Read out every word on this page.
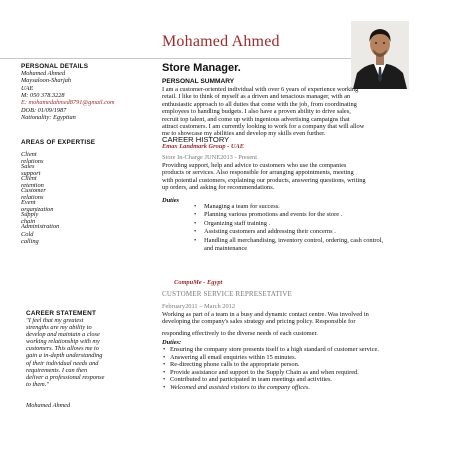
Mohamed Ahmed
PERSONAL DETAILS
Mohamed Ahmed
Maysaloon-Sharjah
UAE
M: 050 378.3228
E: mohamedahmed8791@gmail.com
DOB: 01/09/1987
Nationality: Egyptian
AREAS OF EXPERTISE
Client relations
Sales support
Client retention
Customer relations
Event organization
Supply chain
Administration
Cold calling
CAREER STATEMENT
"I feel that my greatest
strengths are my ability to
develop and maintain a close
working relationship with my
customers. This allows me to
gain a in-depth understanding
of their individual needs and
requirements. I can then
deliver a professional response
to them."
Mohamed Ahmed
Store Manager.
PERSONAL SUMMARY
I am a customer-oriented individual with over 6 years of experience working
retail. I like to think of myself as a driven and tenacious manager, with an
enthusiastic approach to all duties that come with the job, from coordinating
employees to handling budgets. I also have a proven ability to drive sales,
recruit top talent, and come up with ingenious advertising campaigns that
attract customers. I am currently looking to work for a company that will allow
me to showcase my abilities and develop my skills even further.
CAREER HISTORY
Emax Landmark Group - UAE
Store In-Charge JUNE2013 - Present
Providing support, help and advice to customers who use the companies
products or services. Also responsible for arranging appointments, meeting
with potential customers, explaining our products, answering questions, writing
up orders, and asking for recommendations.
Duties
• Managing a team for success.
• Planning various promotions and events for the store .
• Organizing staff training .
• Assisting customers and addressing their concerns .
• Handling all merchandising, inventory control, ordering, cash control,
and maintenance
CompuMe - Egypt
CUSTOMER SERVICE REPRESETATIVE
February2011 – March 2012
Working as part of a team in a busy and dynamic contact centre. Was involved in
developing the company's sales strategy and pricing policy. Responsible for
responding effectively to the diverse needs of each customer.
Duties:
• Ensuring the company store presents itself to a high standard of customer service.
• Answering all email enquiries within 15 minutes.
• Re-directing phone calls to the appropriate person.
• Provide assistance and support to the Supply Chain as and when required.
• Contributed to and participated in team meetings and activities.
• Welcomed and assisted visitors to the company offices.
